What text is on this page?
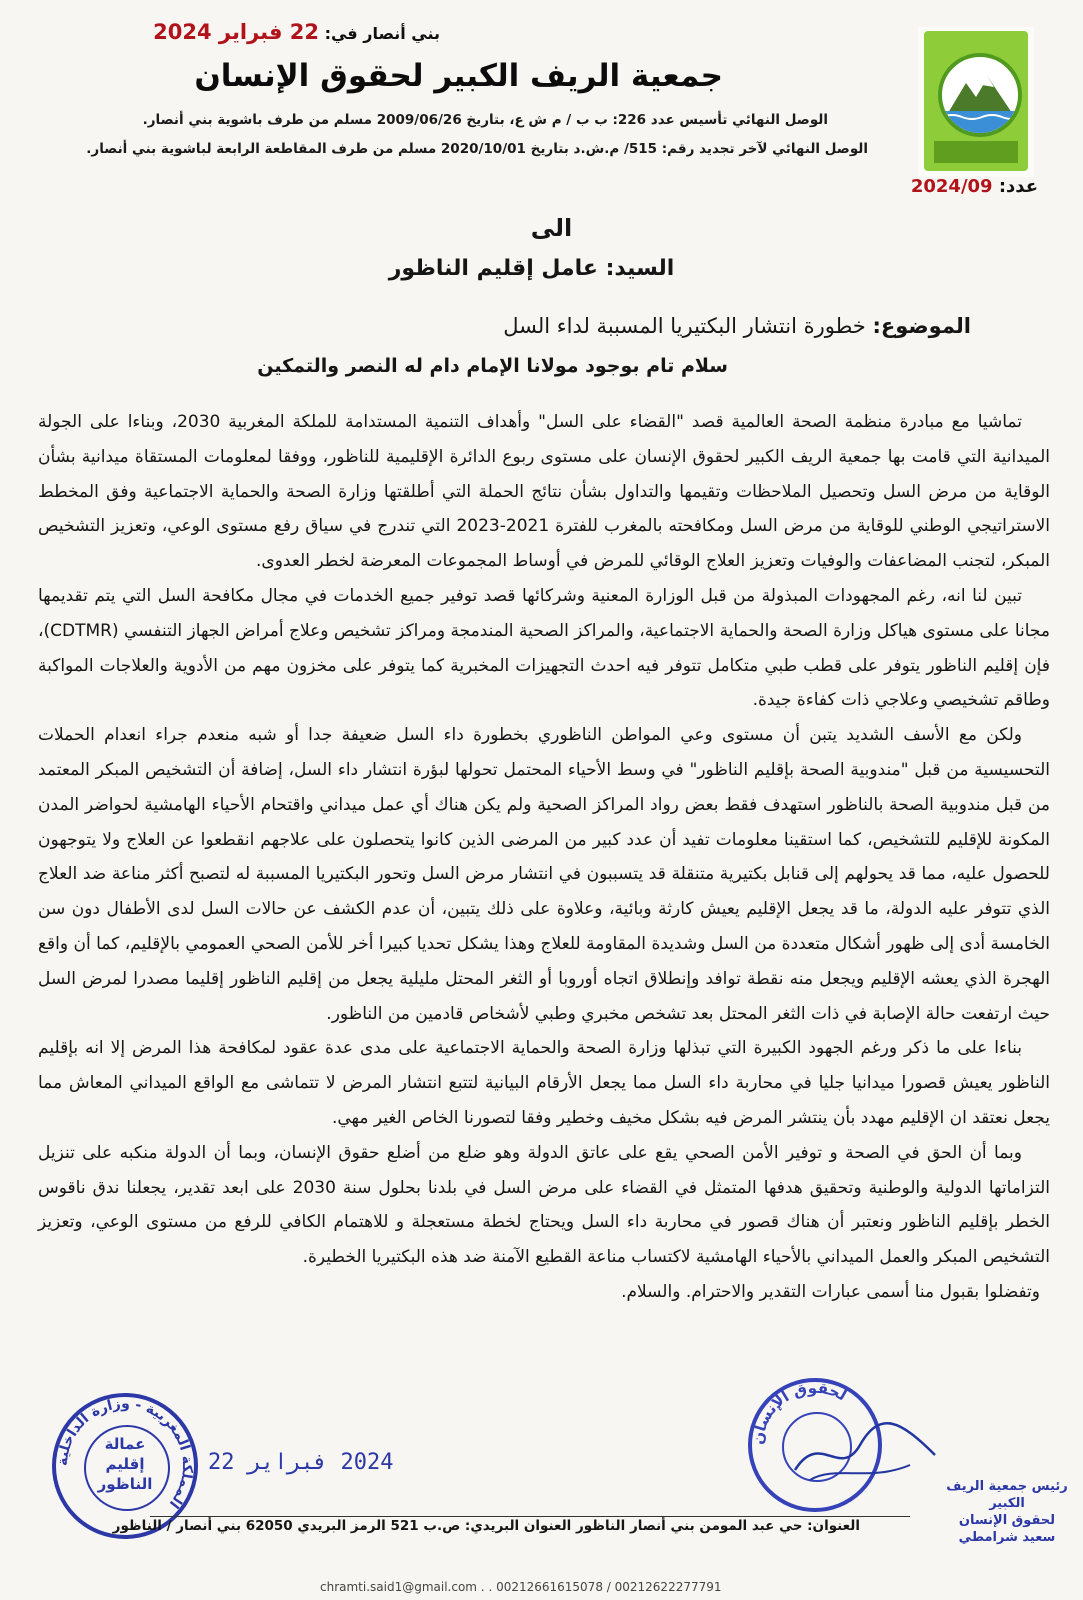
بني أنصار في: 22 فبراير 2024
جمعية الريف الكبير لحقوق الإنسان
الوصل النهائي تأسيس عدد 226: ب ب / م ش ع، بتاريخ 2009/06/26 مسلم من طرف باشوية بني أنصار.
الوصل النهائي لآخر تجديد رقم: 515/ م.ش.د بتاريخ 2020/10/01 مسلم من طرف المقاطعة الرابعة لباشوية بني أنصار.
عدد: 2024/09
الى
السيد: عامل إقليم الناظور
الموضوع: خطورة انتشار البكتيريا المسببة لداء السل
سلام تام بوجود مولانا الإمام دام له النصر والتمكين

تماشيا مع مبادرة منظمة الصحة العالمية قصد "القضاء على السل" وأهداف التنمية المستدامة للملكة المغربية 2030، وبناءا على الجولة الميدانية التي قامت بها جمعية الريف الكبير لحقوق الإنسان على مستوى ربوع الدائرة الإقليمية للناظور، ووفقا لمعلومات المستقاة ميدانية بشأن الوقاية من مرض السل وتحصيل الملاحظات وتقيمها والتداول بشأن نتائج الحملة التي أطلقتها وزارة الصحة والحماية الاجتماعية وفق المخطط الاستراتيجي الوطني للوقاية من مرض السل ومكافحته بالمغرب للفترة 2021-2023 التي تندرج في سياق رفع مستوى الوعي، وتعزيز التشخيص المبكر، لتجنب المضاعفات والوفيات وتعزيز العلاج الوقائي للمرض في أوساط المجموعات المعرضة لخطر العدوى.

تبين لنا انه، رغم المجهودات المبذولة من قبل الوزارة المعنية وشركائها قصد توفير جميع الخدمات في مجال مكافحة السل التي يتم تقديمها مجانا على مستوى هياكل وزارة الصحة والحماية الاجتماعية، والمراكز الصحية المندمجة ومراكز تشخيص وعلاج أمراض الجهاز التنفسي (CDTMR)، فإن إقليم الناظور يتوفر على قطب طبي متكامل تتوفر فيه احدث التجهيزات المخبرية كما يتوفر على مخزون مهم من الأدوية والعلاجات المواكبة وطاقم تشخيصي وعلاجي ذات كفاءة جيدة.

ولكن مع الأسف الشديد يتبن أن مستوى وعي المواطن الناظوري بخطورة داء السل ضعيفة جدا أو شبه منعدم جراء انعدام الحملات التحسيسية من قبل "مندوبية الصحة بإقليم الناظور" في وسط الأحياء المحتمل تحولها لبؤرة انتشار داء السل، إضافة أن التشخيص المبكر المعتمد من قبل مندوبية الصحة بالناظور استهدف فقط بعض رواد المراكز الصحية ولم يكن هناك أي عمل ميداني واقتحام الأحياء الهامشية لحواضر المدن المكونة للإقليم للتشخيص، كما استقينا معلومات تفيد أن عدد كبير من المرضى الذين كانوا يتحصلون على علاجهم انقطعوا عن العلاج ولا يتوجهون للحصول عليه، مما قد يحولهم إلى قنابل بكتيرية متنقلة قد يتسببون في انتشار مرض السل وتحور البكتيريا المسببة له لتصبح أكثر مناعة ضد العلاج الذي تتوفر عليه الدولة، ما قد يجعل الإقليم يعيش كارثة وبائية، وعلاوة على ذلك يتبين، أن عدم الكشف عن حالات السل لدى الأطفال دون سن الخامسة أدى إلى ظهور أشكال متعددة من السل وشديدة المقاومة للعلاج وهذا يشكل تحديا كبيرا أخر للأمن الصحي العمومي بالإقليم، كما أن واقع الهجرة الذي يعشه الإقليم ويجعل منه نقطة توافد وإنطلاق اتجاه أوروبا أو الثغر المحتل مليلية يجعل من إقليم الناظور إقليما مصدرا لمرض السل حيث ارتفعت حالة الإصابة في ذات الثغر المحتل بعد تشخص مخبري وطبي لأشخاص قادمين من الناظور.

بناءا على ما ذكر ورغم الجهود الكبيرة التي تبذلها وزارة الصحة والحماية الاجتماعية على مدى عدة عقود لمكافحة هذا المرض إلا انه بإقليم الناظور يعيش قصورا ميدانيا جليا في محاربة داء السل مما يجعل الأرقام البيانية لتتبع انتشار المرض لا تتماشى مع الواقع الميداني المعاش مما يجعل نعتقد ان الإقليم مهدد بأن ينتشر المرض فيه بشكل مخيف وخطير وفقا لتصورنا الخاص الغير مهي.

وبما أن الحق في الصحة و توفير الأمن الصحي يقع على عاتق الدولة وهو ضلع من أضلع حقوق الإنسان، وبما أن الدولة منكبه على تنزيل التزاماتها الدولية والوطنية وتحقيق هدفها المتمثل في القضاء على مرض السل في بلدنا بحلول سنة 2030 على ابعد تقدير، يجعلنا ندق ناقوس الخطر بإقليم الناظور ونعتبر أن هناك قصور في محاربة داء السل ويحتاج لخطة مستعجلة و للاهتمام الكافي للرفع من مستوى الوعي، وتعزيز التشخيص المبكر والعمل الميداني بالأحياء الهامشية لاكتساب مناعة القطيع الآمنة ضد هذه البكتيريا الخطيرة.

وتفضلوا بقبول منا أسمى عبارات التقدير والاحترام. والسلام.

المملكة المغربية - وزارة الداخلية
عمالة
إقليم
الناظور
2024 فبراير 22
لحقوق الإنسان
رئيس جمعية الريف الكبير
لحقوق الإنسان
سعيد شرامطي
العنوان: حي عبد المومن بني أنصار الناظور العنوان البريدي: ص.ب 521 الرمز البريدي 62050 بني أنصار / الناظور
chramti.said1@gmail.com . . 00212661615078 / 00212622277791
